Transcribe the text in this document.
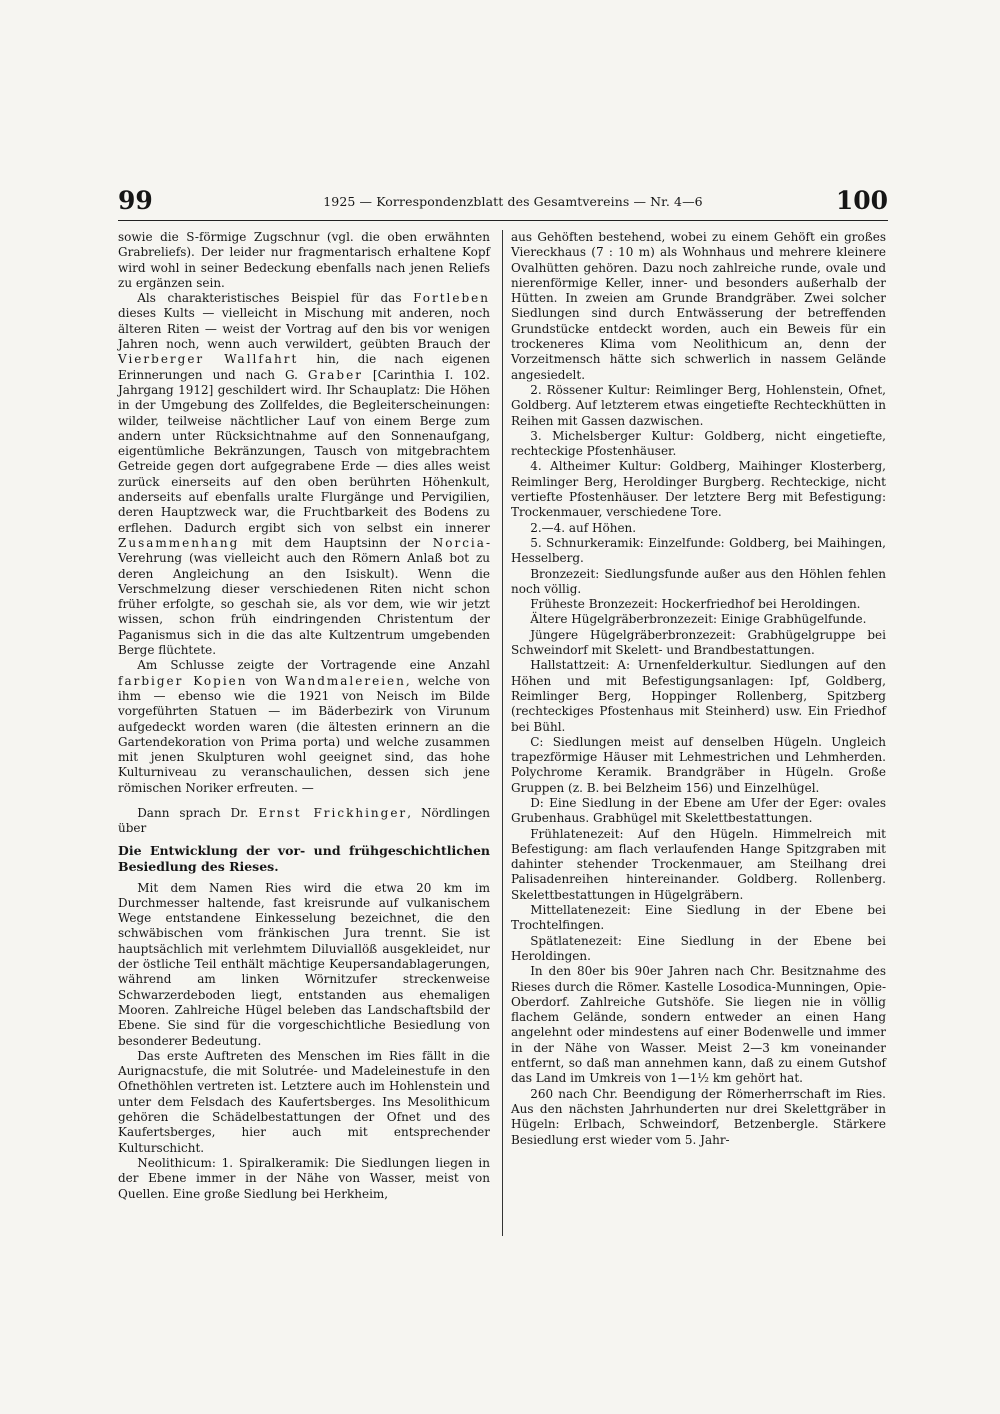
99	1925 — Korrespondenzblatt des Gesamtvereins — Nr. 4—6	100

sowie die S-förmige Zugschnur (vgl. die oben erwähnten Grabreliefs). Der leider nur fragmentarisch erhaltene Kopf wird wohl in seiner Bedeckung ebenfalls nach jenen Reliefs zu ergänzen sein.

Als charakteristisches Beispiel für das Fortleben dieses Kults — vielleicht in Mischung mit anderen, noch älteren Riten — weist der Vortrag auf den bis vor wenigen Jahren noch, wenn auch verwildert, geübten Brauch der Vierberger Wallfahrt hin, die nach eigenen Erinnerungen und nach G. Graber [Carinthia I. 102. Jahrgang 1912] geschildert wird. Ihr Schauplatz: Die Höhen in der Umgebung des Zollfeldes, die Begleiterscheinungen: wilder, teilweise nächtlicher Lauf von einem Berge zum andern unter Rücksichtnahme auf den Sonnenaufgang, eigentümliche Bekränzungen, Tausch von mitgebrachtem Getreide gegen dort aufgegrabene Erde — dies alles weist zurück einerseits auf den oben berührten Höhenkult, anderseits auf ebenfalls uralte Flurgänge und Pervigilien, deren Hauptzweck war, die Fruchtbarkeit des Bodens zu erflehen. Dadurch ergibt sich von selbst ein innerer Zusammenhang mit dem Hauptsinn der Norcia-Verehrung (was vielleicht auch den Römern Anlaß bot zu deren Angleichung an den Isiskult). Wenn die Verschmelzung dieser verschiedenen Riten nicht schon früher erfolgte, so geschah sie, als vor dem, wie wir jetzt wissen, schon früh eindringenden Christentum der Paganismus sich in die das alte Kultzentrum umgebenden Berge flüchtete.

Am Schlusse zeigte der Vortragende eine Anzahl farbiger Kopien von Wandmalereien, welche von ihm — ebenso wie die 1921 von Neisch im Bilde vorgeführten Statuen — im Bäderbezirk von Virunum aufgedeckt worden waren (die ältesten erinnern an die Gartendekoration von Prima porta) und welche zusammen mit jenen Skulpturen wohl geeignet sind, das hohe Kulturniveau zu veranschaulichen, dessen sich jene römischen Noriker erfreuten. —

Dann sprach Dr. Ernst Frickhinger, Nördlingen über

Die Entwicklung der vor- und frühgeschichtlichen Besiedlung des Rieses.

Mit dem Namen Ries wird die etwa 20 km im Durchmesser haltende, fast kreisrunde auf vulkanischem Wege entstandene Einkesselung bezeichnet, die den schwäbischen vom fränkischen Jura trennt. Sie ist hauptsächlich mit verlehmtem Diluviallöß ausgekleidet, nur der östliche Teil enthält mächtige Keupersandablagerungen, während am linken Wörnitzufer streckenweise Schwarzerdeboden liegt, entstanden aus ehemaligen Mooren. Zahlreiche Hügel beleben das Landschaftsbild der Ebene. Sie sind für die vorgeschichtliche Besiedlung von besonderer Bedeutung.

Das erste Auftreten des Menschen im Ries fällt in die Aurignacstufe, die mit Solutrée- und Madeleinestufe in den Ofnethöhlen vertreten ist. Letztere auch im Hohlenstein und unter dem Felsdach des Kaufertsberges. Ins Mesolithicum gehören die Schädelbestattungen der Ofnet und des Kaufertsberges, hier auch mit entsprechender Kulturschicht.

Neolithicum: 1. Spiralkeramik: Die Siedlungen liegen in der Ebene immer in der Nähe von Wasser, meist von Quellen. Eine große Siedlung bei Herkheim,

aus Gehöften bestehend, wobei zu einem Gehöft ein großes Viereckhaus (7 : 10 m) als Wohnhaus und mehrere kleinere Ovalhütten gehören. Dazu noch zahlreiche runde, ovale und nierenförmige Keller, inner- und besonders außerhalb der Hütten. In zweien am Grunde Brandgräber. Zwei solcher Siedlungen sind durch Entwässerung der betreffenden Grundstücke entdeckt worden, auch ein Beweis für ein trockeneres Klima vom Neolithicum an, denn der Vorzeitmensch hätte sich schwerlich in nassem Gelände angesiedelt.

2. Rössener Kultur: Reimlinger Berg, Hohlenstein, Ofnet, Goldberg. Auf letzterem etwas eingetiefte Rechteckhütten in Reihen mit Gassen dazwischen.

3. Michelsberger Kultur: Goldberg, nicht eingetiefte, rechteckige Pfostenhäuser.

4. Altheimer Kultur: Goldberg, Maihinger Klosterberg, Reimlinger Berg, Heroldinger Burgberg. Rechteckige, nicht vertiefte Pfostenhäuser. Der letztere Berg mit Befestigung: Trockenmauer, verschiedene Tore.

2.—4. auf Höhen.

5. Schnurkeramik: Einzelfunde: Goldberg, bei Maihingen, Hesselberg.

Bronzezeit: Siedlungsfunde außer aus den Höhlen fehlen noch völlig.

Früheste Bronzezeit: Hockerfriedhof bei Heroldingen.

Ältere Hügelgräberbronzezeit: Einige Grabhügelfunde.

Jüngere Hügelgräberbronzezeit: Grabhügelgruppe bei Schweindorf mit Skelett- und Brandbestattungen.

Hallstattzeit: A: Urnenfelderkultur. Siedlungen auf den Höhen und mit Befestigungsanlagen: Ipf, Goldberg, Reimlinger Berg, Hoppinger Rollenberg, Spitzberg (rechteckiges Pfostenhaus mit Steinherd) usw. Ein Friedhof bei Bühl.

C: Siedlungen meist auf denselben Hügeln. Ungleich trapezförmige Häuser mit Lehmestrichen und Lehmherden. Polychrome Keramik. Brandgräber in Hügeln. Große Gruppen (z. B. bei Belzheim 156) und Einzelhügel.

D: Eine Siedlung in der Ebene am Ufer der Eger: ovales Grubenhaus. Grabhügel mit Skelettbestattungen.

Frühlatenezeit: Auf den Hügeln. Himmelreich mit Befestigung: am flach verlaufenden Hange Spitzgraben mit dahinter stehender Trockenmauer, am Steilhang drei Palisadenreihen hintereinander. Goldberg. Rollenberg. Skelettbestattungen in Hügelgräbern.

Mittellatenezeit: Eine Siedlung in der Ebene bei Trochtelfingen.

Spätlatenezeit: Eine Siedlung in der Ebene bei Heroldingen.

In den 80er bis 90er Jahren nach Chr. Besitznahme des Rieses durch die Römer. Kastelle Losodica-Munningen, Opie-Oberdorf. Zahlreiche Gutshöfe. Sie liegen nie in völlig flachem Gelände, sondern entweder an einen Hang angelehnt oder mindestens auf einer Bodenwelle und immer in der Nähe von Wasser. Meist 2—3 km voneinander entfernt, so daß man annehmen kann, daß zu einem Gutshof das Land im Umkreis von 1—1½ km gehört hat.

260 nach Chr. Beendigung der Römerherrschaft im Ries. Aus den nächsten Jahrhunderten nur drei Skelettgräber in Hügeln: Erlbach, Schweindorf, Betzenbergle. Stärkere Besiedlung erst wieder vom 5. Jahr-
